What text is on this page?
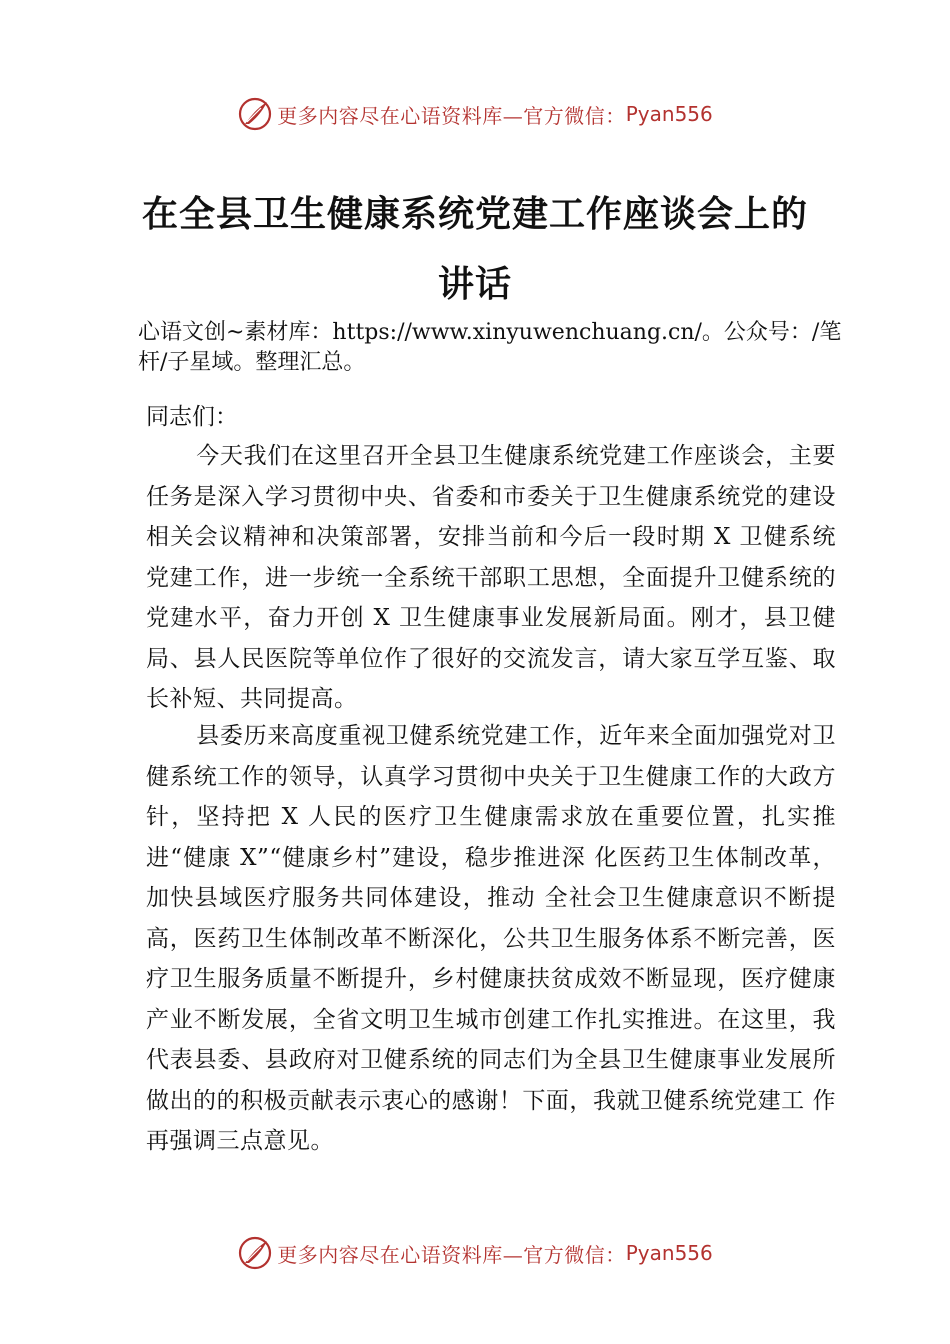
更多内容尽在心语资料库—官方微信： Pyan556
在全县卫生健康系统党建工作座谈会上的
讲话
心语文创~素材库：https://www.xinyuwenchuang.cn/。公众号：/笔杆/子星域。整理汇总。
同志们：
今天我们在这里召开全县卫生健康系统党建工作座谈会，主要任务是深入学习贯彻中央、省委和市委关于卫生健康系统党的建设相关会议精神和决策部署，安排当前和今后一段时期 X 卫健系统党建工作，进一步统一全系统干部职工思想，全面提升卫健系统的党建水平，奋力开创 X 卫生健康事业发展新局面。刚才，县卫健局、县人民医院等单位作了很好的交流发言，请大家互学互鉴、取长补短、共同提高。
县委历来高度重视卫健系统党建工作，近年来全面加强党对卫健系统工作的领导，认真学习贯彻中央关于卫生健康工作的大政方针，坚持把 X 人民的医疗卫生健康需求放在重要位置，扎实推进“健康 X”“健康乡村”建设，稳步推进深 化医药卫生体制改革，加快县域医疗服务共同体建设，推动 全社会卫生健康意识不断提高，医药卫生体制改革不断深化，公共卫生服务体系不断完善，医疗卫生服务质量不断提升，乡村健康扶贫成效不断显现，医疗健康产业不断发展，全省文明卫生城市创建工作扎实推进。在这里，我代表县委、县政府对卫健系统的同志们为全县卫生健康事业发展所做出的的积极贡献表示衷心的感谢！下面，我就卫健系统党建工 作再强调三点意见。
更多内容尽在心语资料库—官方微信： Pyan556
